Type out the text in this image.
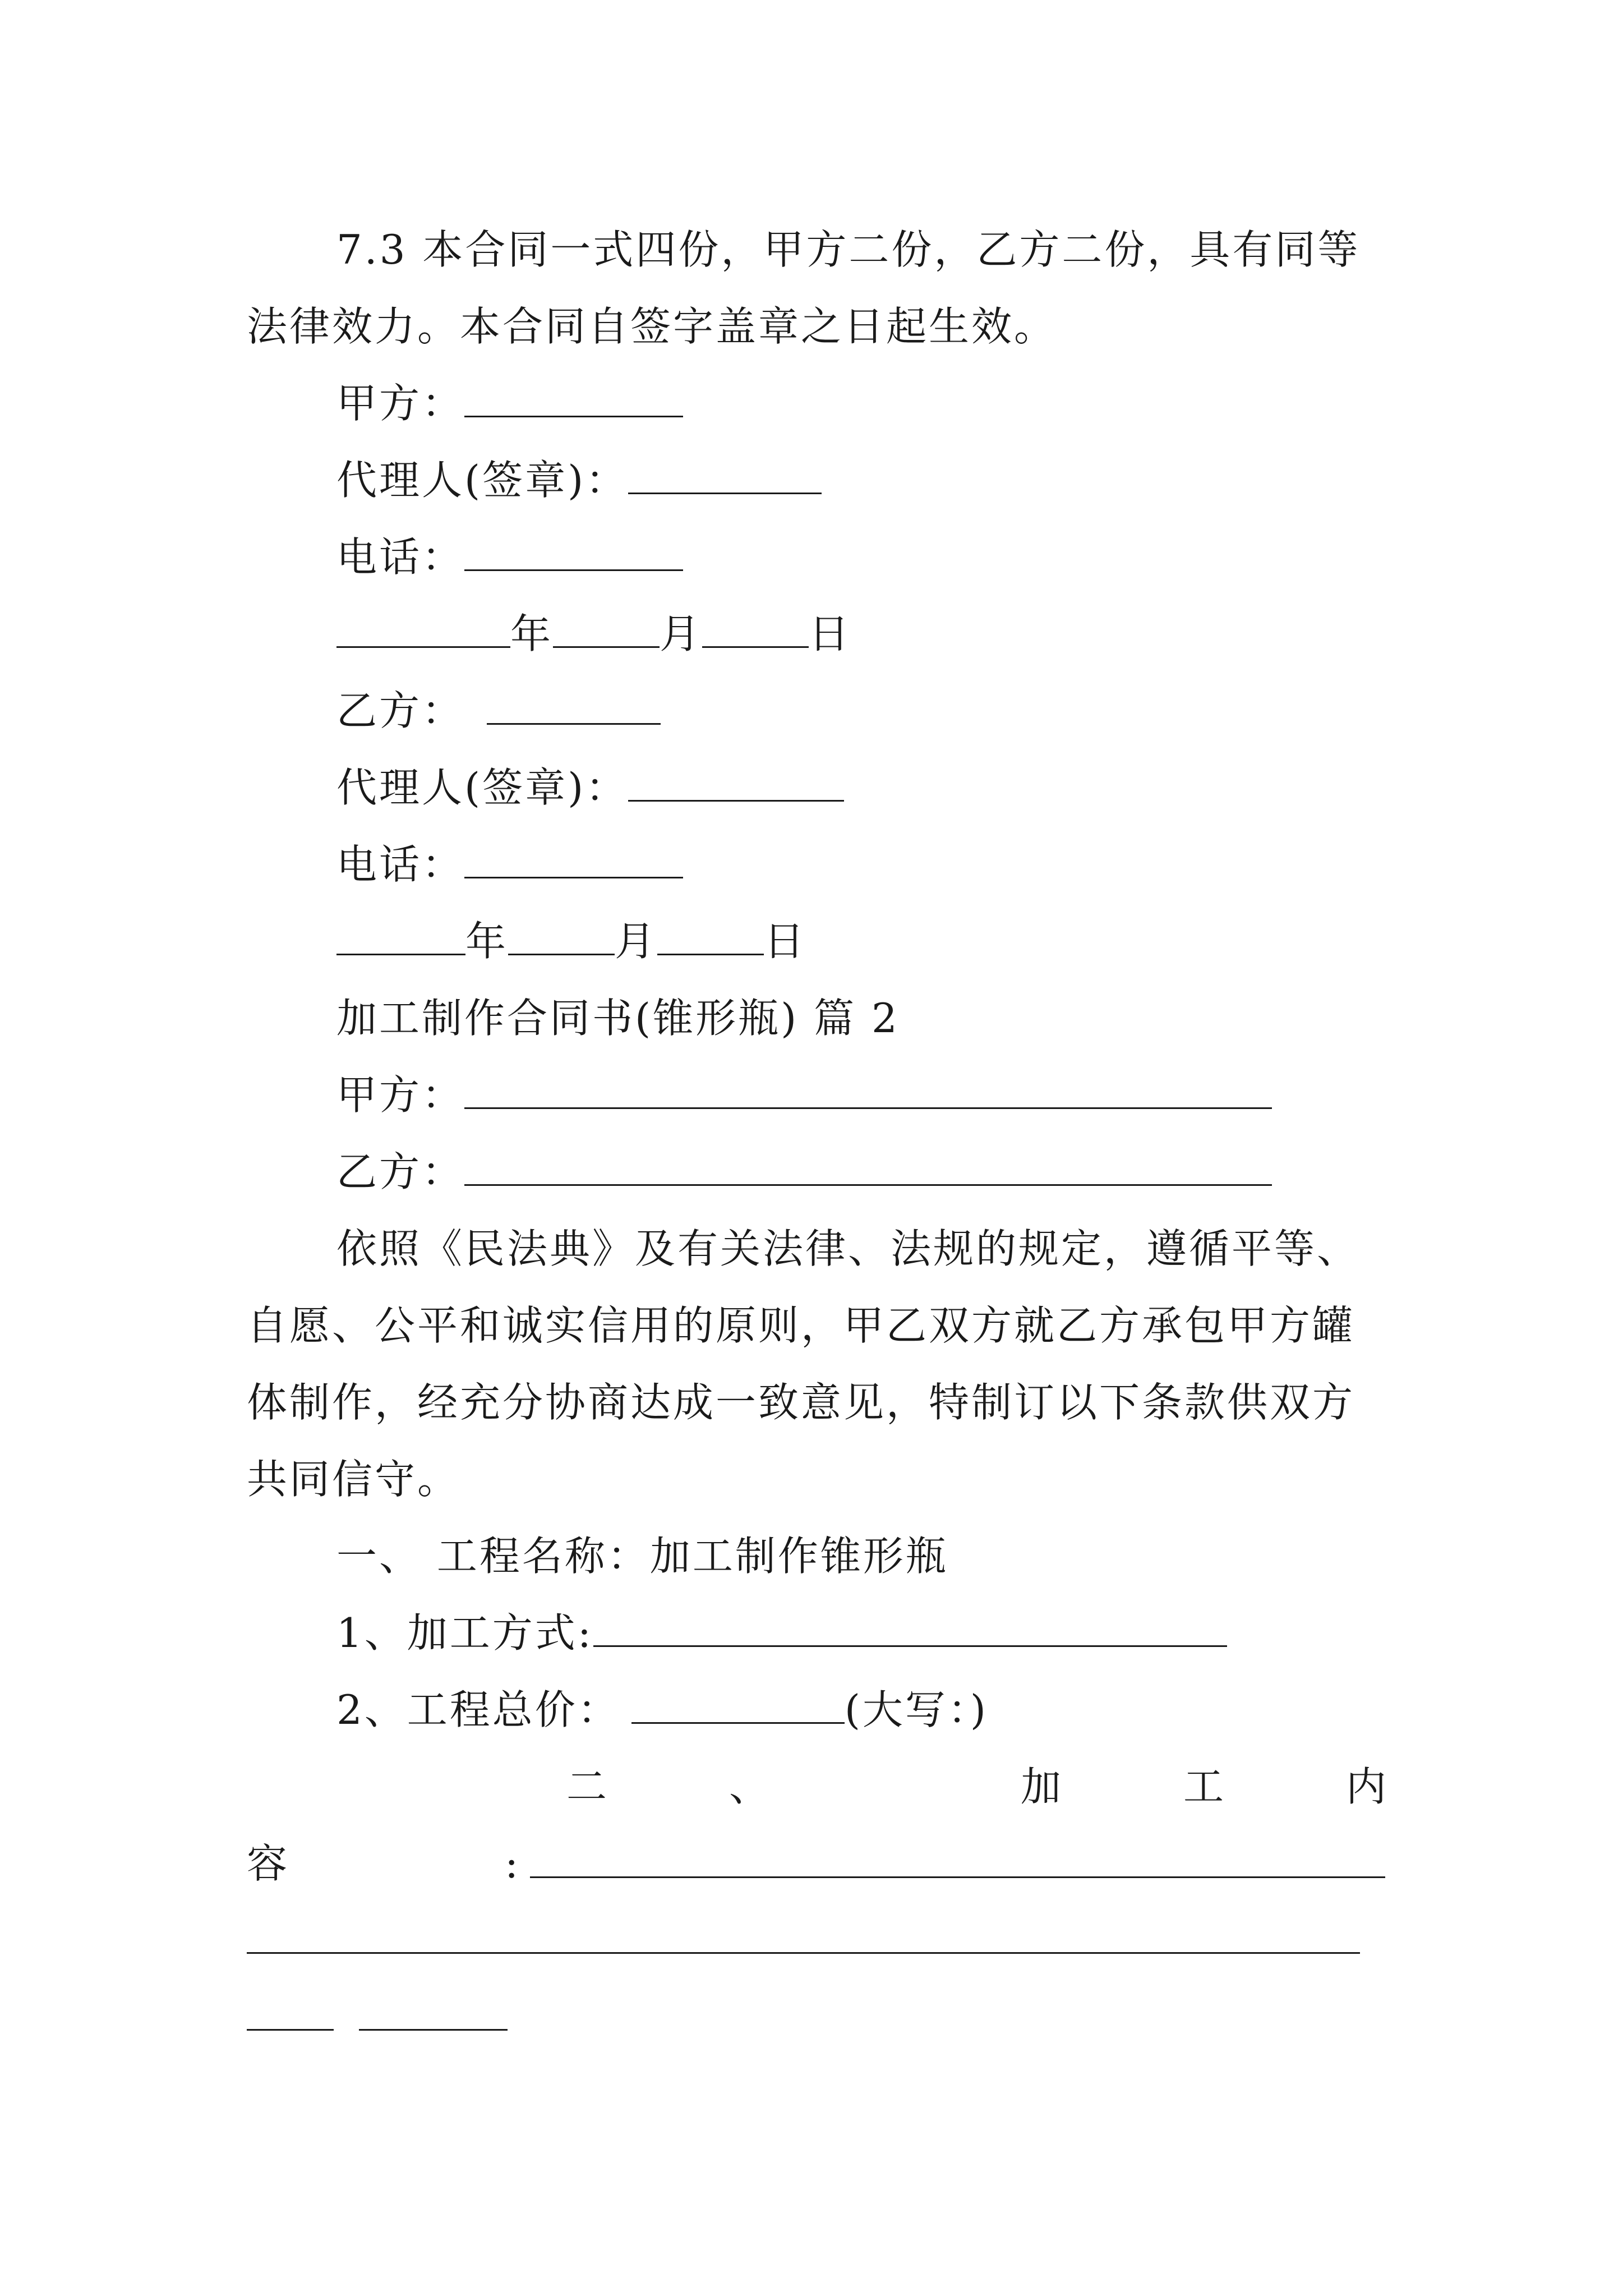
7.3 本合同一式四份，甲方二份，乙方二份，具有同等
法律效力。本合同自签字盖章之日起生效。
甲方：
代理人(签章)：
电话：
年	月	日
乙方：
代理人(签章)：
电话：
年	月	日
加工制作合同书(锥形瓶) 篇 2
甲方：
乙方：
依照《民法典》及有关法律、法规的规定，遵循平等、
自愿、公平和诚实信用的原则，甲乙双方就乙方承包甲方罐
体制作，经充分协商达成一致意见，特制订以下条款供双方
共同信守。
一、 工程名称：加工制作锥形瓶
1、加工方式:
2、工程总价：	(大写：)
二	、	加	工	内
容	:
